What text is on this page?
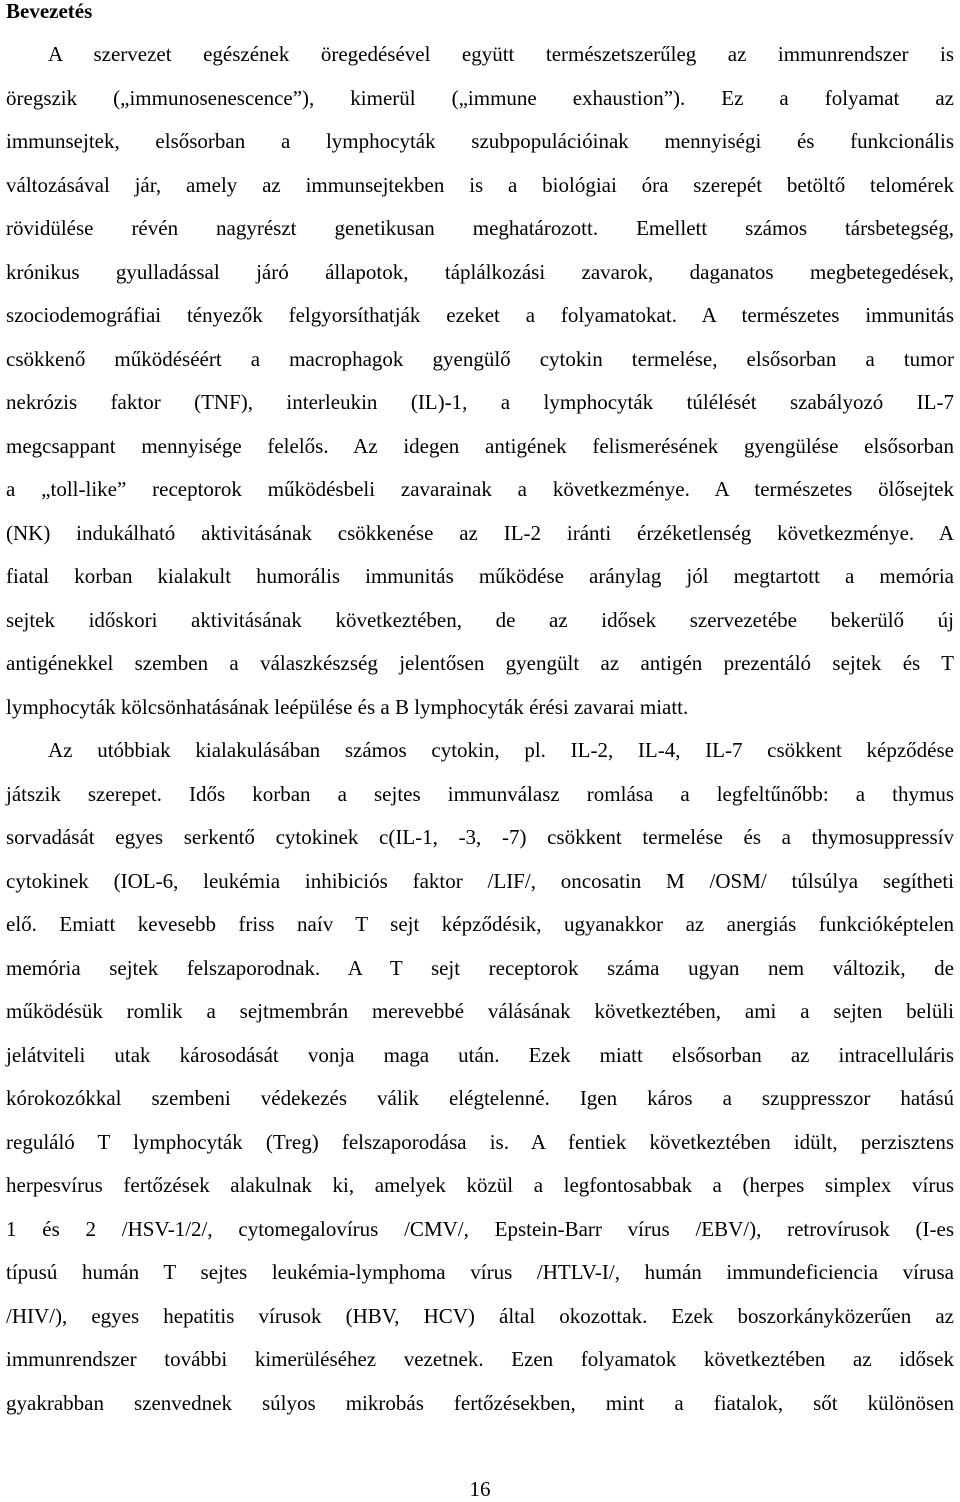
Bevezetés
A szervezet egészének öregedésével együtt természetszerűleg az immunrendszer is
öregszik („immunosenescence”), kimerül („immune exhaustion”). Ez a folyamat az
immunsejtek, elsősorban a lymphocyták szubpopulációinak mennyiségi és funkcionális
változásával jár, amely az immunsejtekben is a biológiai óra szerepét betöltő telomérek
rövidülése révén nagyrészt genetikusan meghatározott. Emellett számos társbetegség,
krónikus gyulladással járó állapotok, táplálkozási zavarok, daganatos megbetegedések,
szociodemográfiai tényezők felgyorsíthatják ezeket a folyamatokat. A természetes immunitás
csökkenő működéséért a macrophagok gyengülő cytokin termelése, elsősorban a tumor
nekrózis faktor (TNF), interleukin (IL)-1, a lymphocyták túlélését szabályozó IL-7
megcsappant mennyisége felelős. Az idegen antigének felismerésének gyengülése elsősorban
a „toll-like” receptorok működésbeli zavarainak a következménye. A természetes ölősejtek
(NK) indukálható aktivitásának csökkenése az IL-2 iránti érzéketlenség következménye. A
fiatal korban kialakult humorális immunitás működése aránylag jól megtartott a memória
sejtek időskori aktivitásának következtében, de az idősek szervezetébe bekerülő új
antigénekkel szemben a válaszkészség jelentősen gyengült az antigén prezentáló sejtek és T
lymphocyták kölcsönhatásának leépülése és a B lymphocyták érési zavarai miatt.
Az utóbbiak kialakulásában számos cytokin, pl. IL-2, IL-4, IL-7 csökkent képződése
játszik szerepet. Idős korban a sejtes immunválasz romlása a legfeltűnőbb: a thymus
sorvadását egyes serkentő cytokinek c(IL-1, -3, -7) csökkent termelése és a thymosuppressív
cytokinek (IOL-6, leukémia inhibiciós faktor /LIF/, oncosatin M /OSM/ túlsúlya segítheti
elő. Emiatt kevesebb friss naív T sejt képződésik, ugyanakkor az anergiás funkcióképtelen
memória sejtek felszaporodnak. A T sejt receptorok száma ugyan nem változik, de
működésük romlik a sejtmembrán merevebbé válásának következtében, ami a sejten belüli
jelátviteli utak károsodását vonja maga után. Ezek miatt elsősorban az intracelluláris
kórokozókkal szembeni védekezés válik elégtelenné. Igen káros a szuppresszor hatású
reguláló T lymphocyták (Treg) felszaporodása is. A fentiek következtében idült, perzisztens
herpesvírus fertőzések alakulnak ki, amelyek közül a legfontosabbak a (herpes simplex vírus
1 és 2 /HSV-1/2/, cytomegalovírus /CMV/, Epstein-Barr vírus /EBV/), retrovírusok (I-es
típusú humán T sejtes leukémia-lymphoma vírus /HTLV-I/, humán immundeficiencia vírusa
/HIV/), egyes hepatitis vírusok (HBV, HCV) által okozottak. Ezek boszorkányközerűen az
immunrendszer további kimerüléséhez vezetnek. Ezen folyamatok következtében az idősek
gyakrabban szenvednek súlyos mikrobás fertőzésekben, mint a fiatalok, sőt különösen
16
